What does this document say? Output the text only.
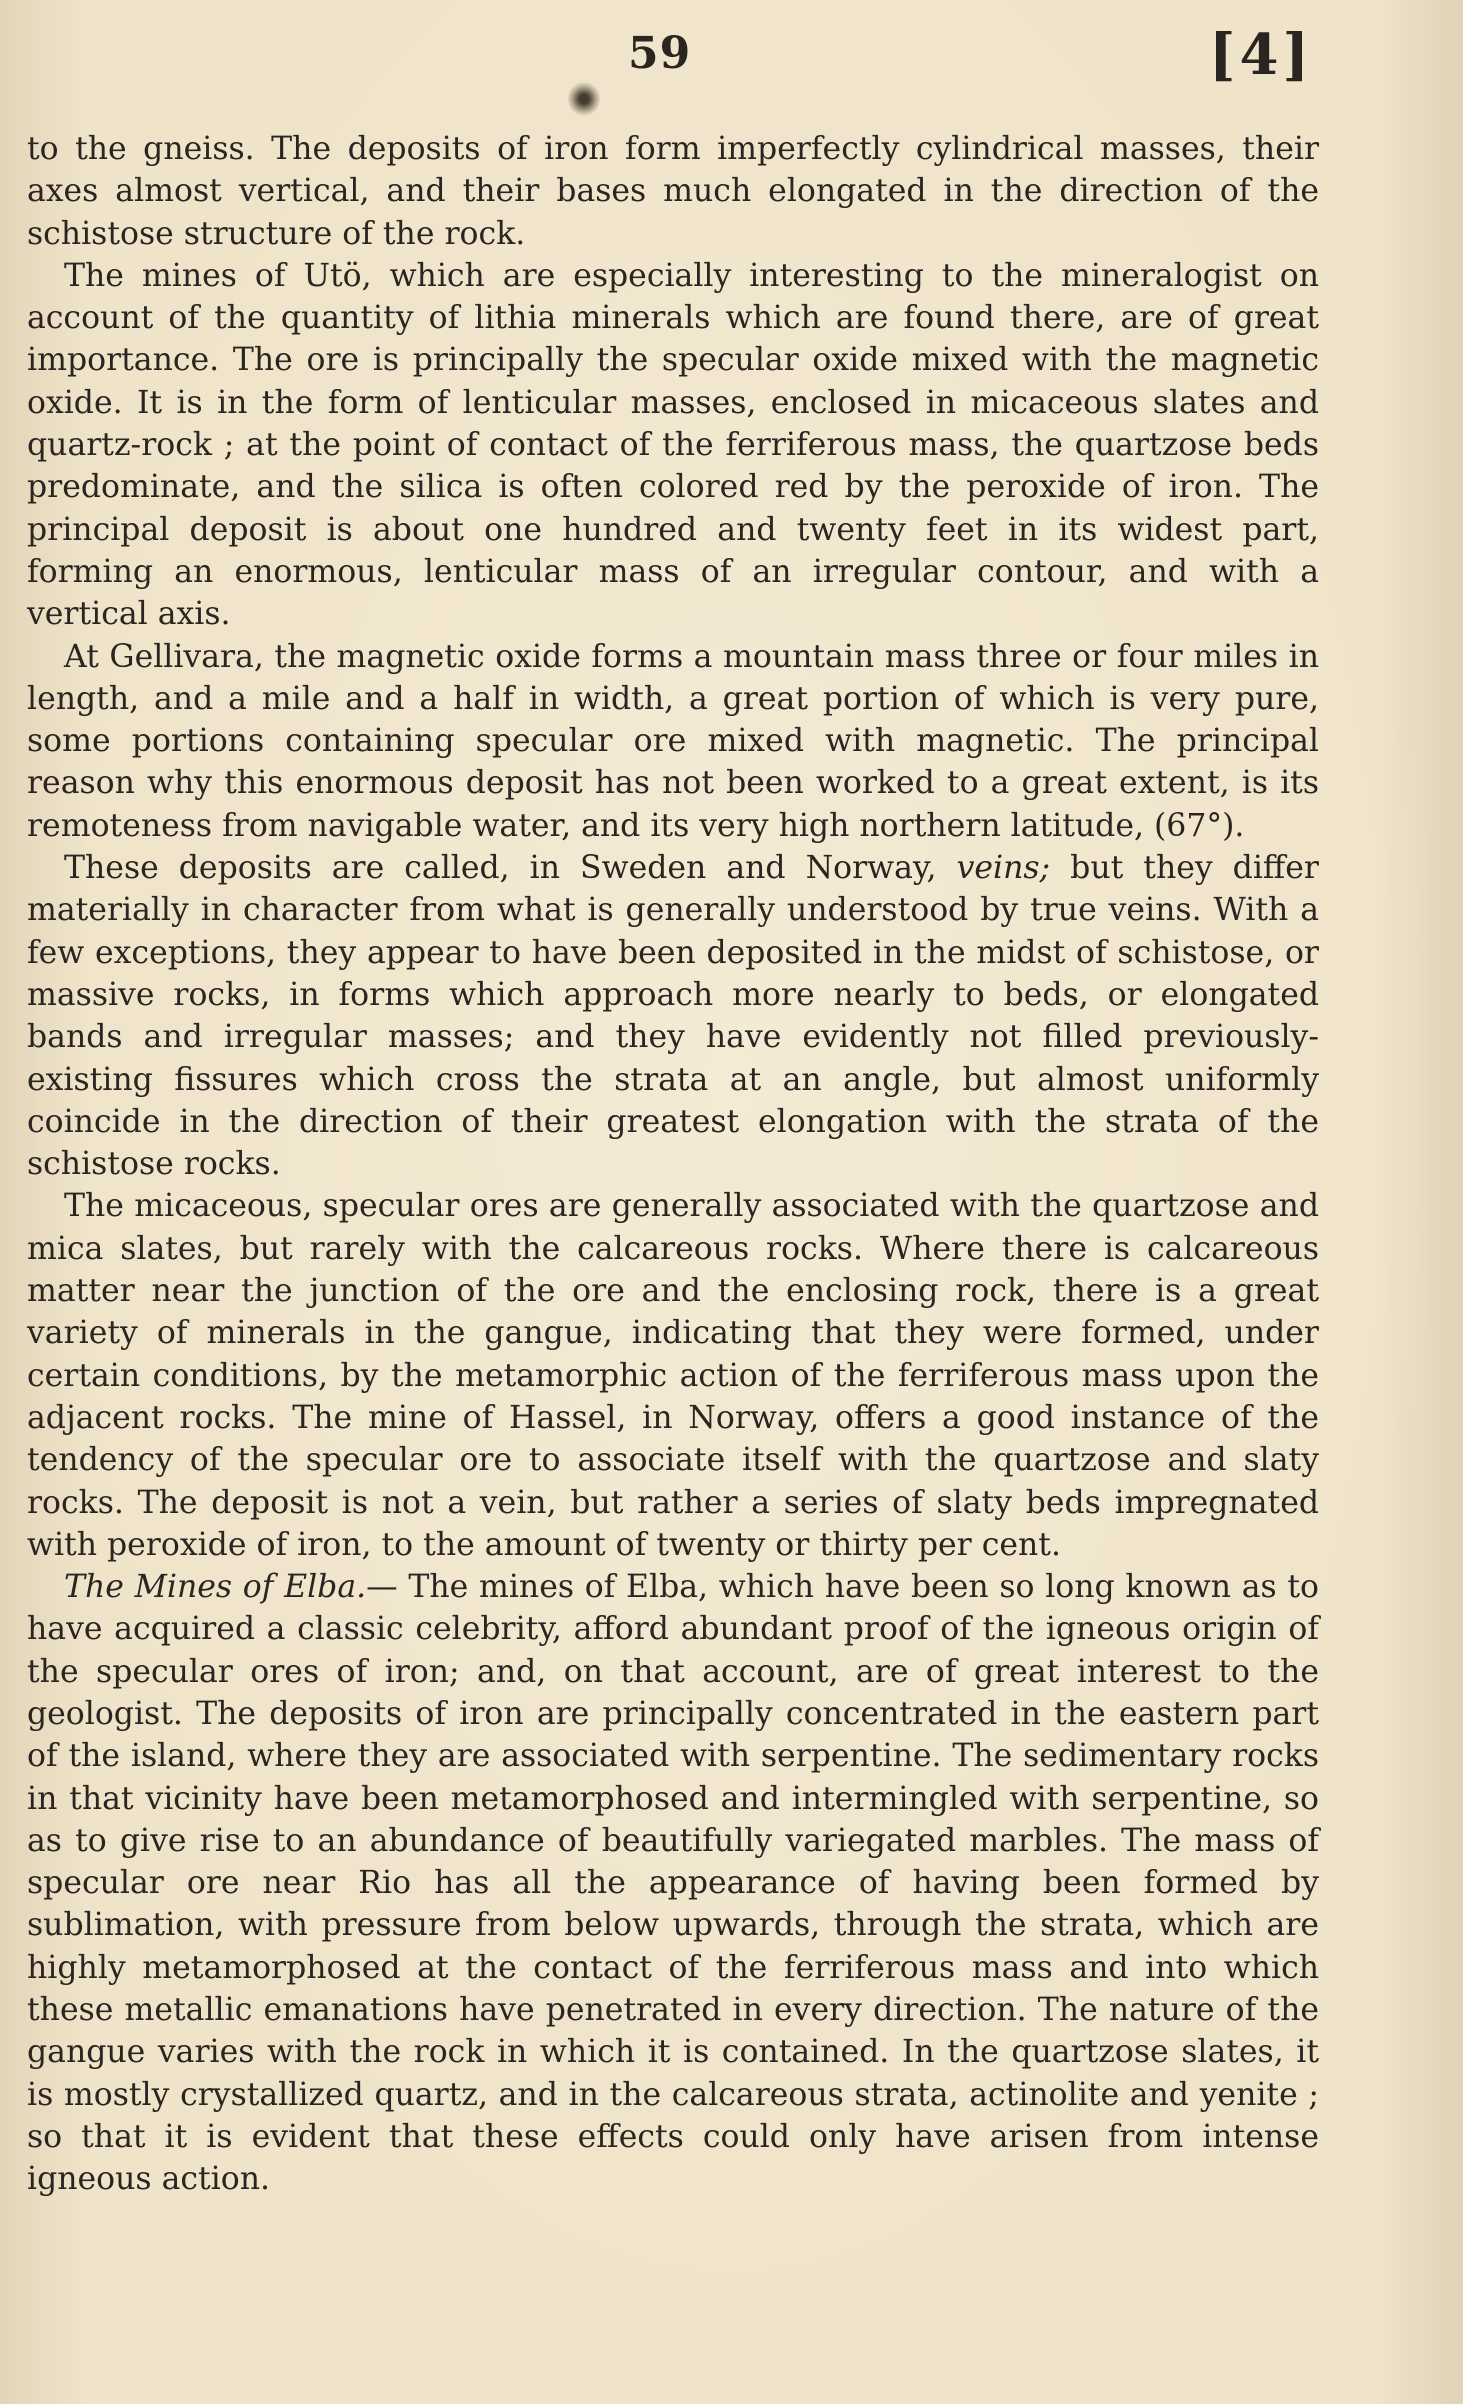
59	[4]

to the gneiss. The deposits of iron form imperfectly cylindrical masses, their axes almost vertical, and their bases much elongated in the direction of the schistose structure of the rock.

The mines of Utö, which are especially interesting to the mineralogist on account of the quantity of lithia minerals which are found there, are of great importance. The ore is principally the specular oxide mixed with the magnetic oxide. It is in the form of lenticular masses, enclosed in micaceous slates and quartz-rock ; at the point of contact of the ferriferous mass, the quartzose beds predominate, and the silica is often colored red by the peroxide of iron. The principal deposit is about one hundred and twenty feet in its widest part, forming an enormous, lenticular mass of an irregular contour, and with a vertical axis.

At Gellivara, the magnetic oxide forms a mountain mass three or four miles in length, and a mile and a half in width, a great portion of which is very pure, some portions containing specular ore mixed with magnetic. The principal reason why this enormous deposit has not been worked to a great extent, is its remoteness from navigable water, and its very high northern latitude, (67°).

These deposits are called, in Sweden and Norway, veins; but they differ materially in character from what is generally understood by true veins. With a few exceptions, they appear to have been deposited in the midst of schistose, or massive rocks, in forms which approach more nearly to beds, or elongated bands and irregular masses; and they have evidently not filled previously-existing fissures which cross the strata at an angle, but almost uniformly coincide in the direction of their greatest elongation with the strata of the schistose rocks.

The micaceous, specular ores are generally associated with the quartzose and mica slates, but rarely with the calcareous rocks. Where there is calcareous matter near the junction of the ore and the enclosing rock, there is a great variety of minerals in the gangue, indicating that they were formed, under certain conditions, by the metamorphic action of the ferriferous mass upon the adjacent rocks. The mine of Hassel, in Norway, offers a good instance of the tendency of the specular ore to associate itself with the quartzose and slaty rocks. The deposit is not a vein, but rather a series of slaty beds impregnated with peroxide of iron, to the amount of twenty or thirty per cent.

The Mines of Elba.— The mines of Elba, which have been so long known as to have acquired a classic celebrity, afford abundant proof of the igneous origin of the specular ores of iron; and, on that account, are of great interest to the geologist. The deposits of iron are principally concentrated in the eastern part of the island, where they are associated with serpentine. The sedimentary rocks in that vicinity have been metamorphosed and intermingled with serpentine, so as to give rise to an abundance of beautifully variegated marbles. The mass of specular ore near Rio has all the appearance of having been formed by sublimation, with pressure from below upwards, through the strata, which are highly metamorphosed at the contact of the ferriferous mass and into which these metallic emanations have penetrated in every direction. The nature of the gangue varies with the rock in which it is contained. In the quartzose slates, it is mostly crystallized quartz, and in the calcareous strata, actinolite and yenite ; so that it is evident that these effects could only have arisen from intense igneous action.
